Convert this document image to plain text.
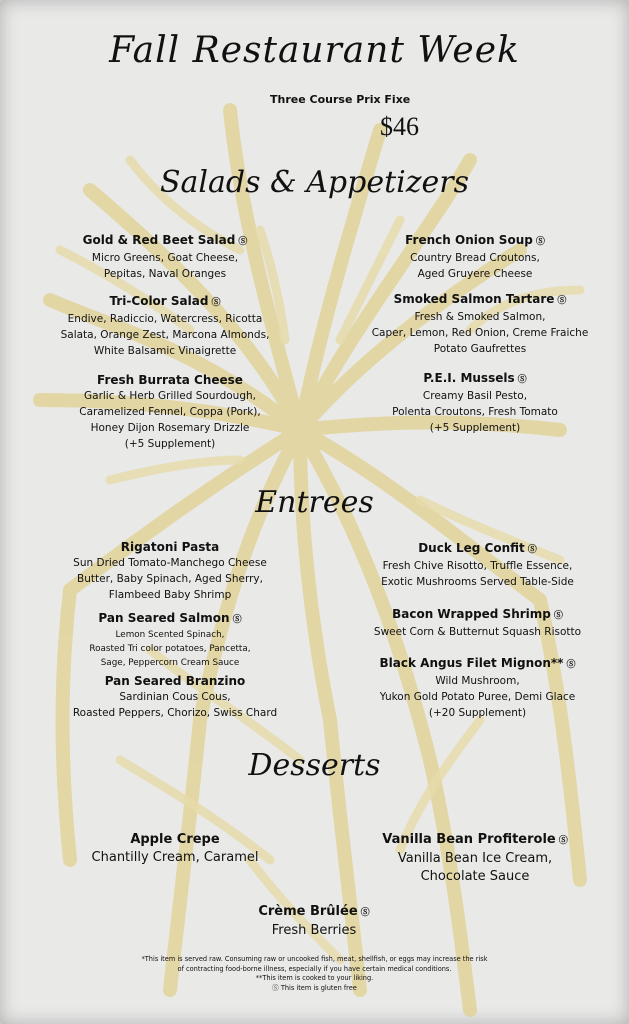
Fall Restaurant Week
Three Course Prix Fixe
$46
Salads & Appetizers
Gold & Red Beet Salad Ⓢ
Micro Greens, Goat Cheese,
Pepitas, Naval Oranges
Tri-Color Salad Ⓢ
Endive, Radiccio, Watercress, Ricotta
Salata, Orange Zest, Marcona Almonds,
White Balsamic Vinaigrette
Fresh Burrata Cheese
Garlic & Herb Grilled Sourdough,
Caramelized Fennel, Coppa (Pork),
Honey Dijon Rosemary Drizzle
(+5 Supplement)
French Onion Soup Ⓢ
Country Bread Croutons,
Aged Gruyere Cheese
Smoked Salmon Tartare Ⓢ
Fresh & Smoked Salmon,
Caper, Lemon, Red Onion, Creme Fraiche
Potato Gaufrettes
P.E.I. Mussels Ⓢ
Creamy Basil Pesto,
Polenta Croutons, Fresh Tomato
(+5 Supplement)
Entrees
Rigatoni Pasta
Sun Dried Tomato-Manchego Cheese
Butter, Baby Spinach, Aged Sherry,
Flambeed Baby Shrimp
Pan Seared Salmon Ⓢ
Lemon Scented Spinach,
Roasted Tri color potatoes, Pancetta,
Sage, Peppercorn Cream Sauce
Pan Seared Branzino
Sardinian Cous Cous,
Roasted Peppers, Chorizo, Swiss Chard
Duck Leg Confit Ⓢ
Fresh Chive Risotto, Truffle Essence,
Exotic Mushrooms Served Table-Side
Bacon Wrapped Shrimp Ⓢ
Sweet Corn & Butternut Squash Risotto
Black Angus Filet Mignon** Ⓢ
Wild Mushroom,
Yukon Gold Potato Puree, Demi Glace
(+20 Supplement)
Desserts
Apple Crepe
Chantilly Cream, Caramel
Vanilla Bean Profiterole Ⓢ
Vanilla Bean Ice Cream,
Chocolate Sauce
Crème Brûlée Ⓢ
Fresh Berries
*This item is served raw. Consuming raw or uncooked fish, meat, shellfish, or eggs may increase the risk
of contracting food-borne illness, especially if you have certain medical conditions.
**This item is cooked to your liking.
Ⓢ This item is gluten free
